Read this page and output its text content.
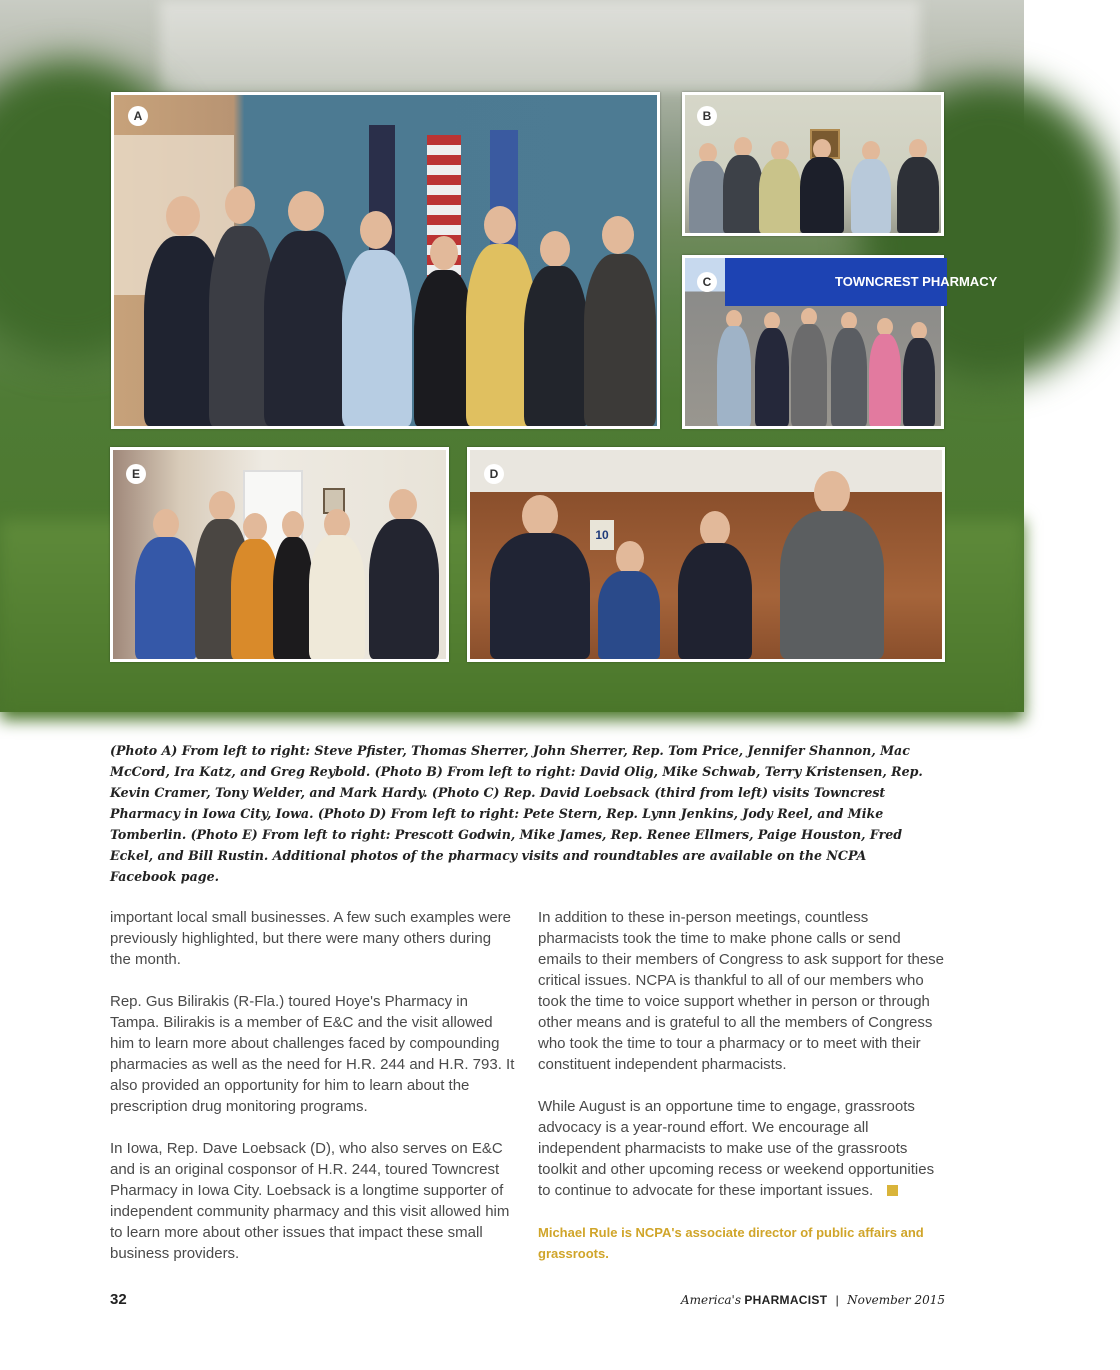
A	B
C	TOWNCREST PHARMACY
E	D
10

(Photo A) From left to right: Steve Pfister, Thomas Sherrer, John Sherrer, Rep. Tom Price, Jennifer Shannon, Mac McCord, Ira Katz, and Greg Reybold. (Photo B) From left to right: David Olig, Mike Schwab, Terry Kristensen, Rep. Kevin Cramer, Tony Welder, and Mark Hardy. (Photo C) Rep. David Loebsack (third from left) visits Towncrest Pharmacy in Iowa City, Iowa. (Photo D) From left to right: Pete Stern, Rep. Lynn Jenkins, Jody Reel, and Mike Tomberlin. (Photo E) From left to right: Prescott Godwin, Mike James, Rep. Renee Ellmers, Paige Houston, Fred Eckel, and Bill Rustin. Additional photos of the pharmacy visits and roundtables are available on the NCPA Facebook page.

important local small businesses. A few such examples were previously highlighted, but there were many others during the month.

Rep. Gus Bilirakis (R-Fla.) toured Hoye's Pharmacy in Tampa. Bilirakis is a member of E&C and the visit allowed him to learn more about challenges faced by compounding pharmacies as well as the need for H.R. 244 and H.R. 793. It also provided an opportunity for him to learn about the prescription drug monitoring programs.

In Iowa, Rep. Dave Loebsack (D), who also serves on E&C and is an original cosponsor of H.R. 244, toured Towncrest Pharmacy in Iowa City. Loebsack is a longtime supporter of independent community pharmacy and this visit allowed him to learn more about other issues that impact these small business providers.

In addition to these in-person meetings, countless pharmacists took the time to make phone calls or send emails to their members of Congress to ask support for these critical issues. NCPA is thankful to all of our members who took the time to voice support whether in person or through other means and is grateful to all the members of Congress who took the time to tour a pharmacy or to meet with their constituent independent pharmacists.

While August is an opportune time to engage, grassroots advocacy is a year-round effort. We encourage all independent pharmacists to make use of the grassroots toolkit and other upcoming recess or weekend opportunities to continue to advocate for these important issues.

Michael Rule is NCPA's associate director of public affairs and grassroots.

32	America's PHARMACIST | November 2015
